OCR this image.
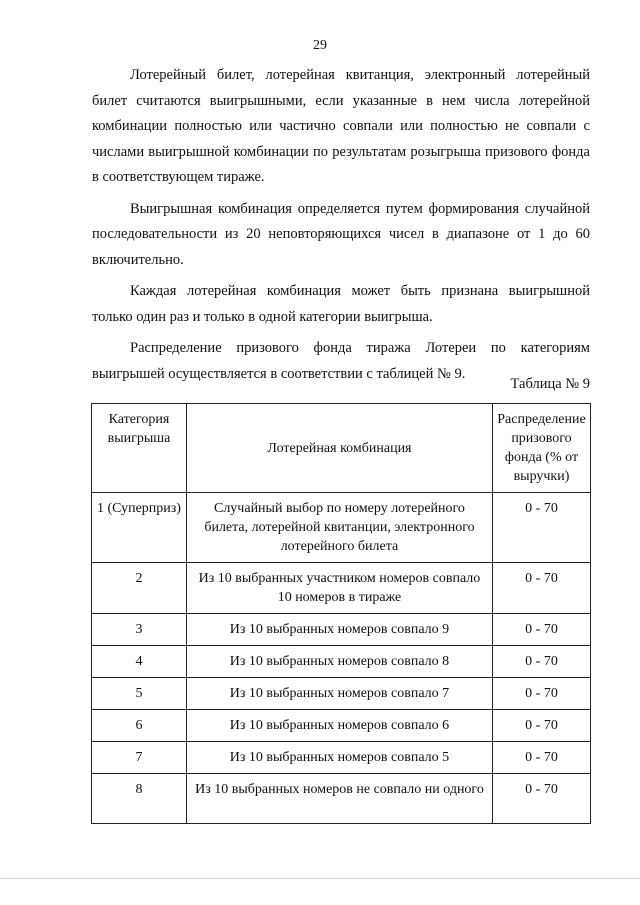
29

Лотерейный билет, лотерейная квитанция, электронный лотерейный билет считаются выигрышными, если указанные в нем числа лотерейной комбинации полностью или частично совпали или полностью не совпали с числами выигрышной комбинации по результатам розыгрыша призового фонда в соответствующем тираже.

Выигрышная комбинация определяется путем формирования случайной последовательности из 20 неповторяющихся чисел в диапазоне от 1 до 60 включительно.

Каждая лотерейная комбинация может быть признана выигрышной только один раз и только в одной категории выигрыша.

Распределение призового фонда тиража Лотереи по категориям выигрышей осуществляется в соответствии с таблицей № 9.

Таблица № 9
Категория выигрыша	Лотерейная комбинация	Распределение призового фонда (% от выручки)
1 (Суперприз)	Случайный выбор по номеру лотерейного билета, лотерейной квитанции, электронного лотерейного билета	0 - 70
2	Из 10 выбранных участником номеров совпало 10 номеров в тираже	0 - 70
3	Из 10 выбранных номеров совпало 9	0 - 70
4	Из 10 выбранных номеров совпало 8	0 - 70
5	Из 10 выбранных номеров совпало 7	0 - 70
6	Из 10 выбранных номеров совпало 6	0 - 70
7	Из 10 выбранных номеров совпало 5	0 - 70
8	Из 10 выбранных номеров не совпало ни одного	0 - 70
